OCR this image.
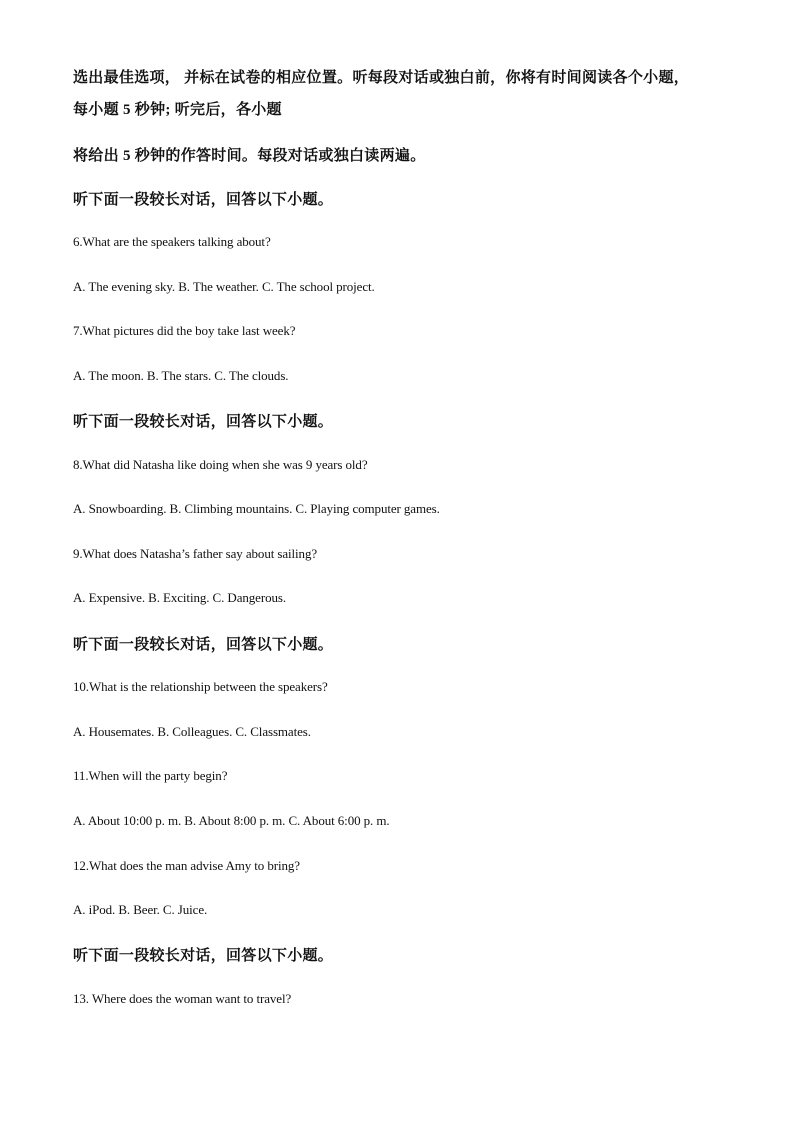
选出最佳选项， 并标在试卷的相应位置。听每段对话或独白前，你将有时间阅读各个小题，
每小题 5 秒钟; 听完后，各小题
将给出 5 秒钟的作答时间。每段对话或独白读两遍。
听下面一段较长对话，回答以下小题。
6.What are the speakers talking about?
A. The evening sky. B. The weather. C. The school project.
7.What pictures did the boy take last week?
A. The moon. B. The stars. C. The clouds.
听下面一段较长对话，回答以下小题。
8.What did Natasha like doing when she was 9 years old?
A. Snowboarding. B. Climbing mountains. C. Playing computer games.
9.What does Natasha’s father say about sailing?
A. Expensive. B. Exciting. C. Dangerous.
听下面一段较长对话，回答以下小题。
10.What is the relationship between the speakers?
A. Housemates. B. Colleagues. C. Classmates.
11.When will the party begin?
A. About 10:00 p. m. B. About 8:00 p. m. C. About 6:00 p. m.
12.What does the man advise Amy to bring?
A. iPod. B. Beer. C. Juice.
听下面一段较长对话，回答以下小题。
13. Where does the woman want to travel?
